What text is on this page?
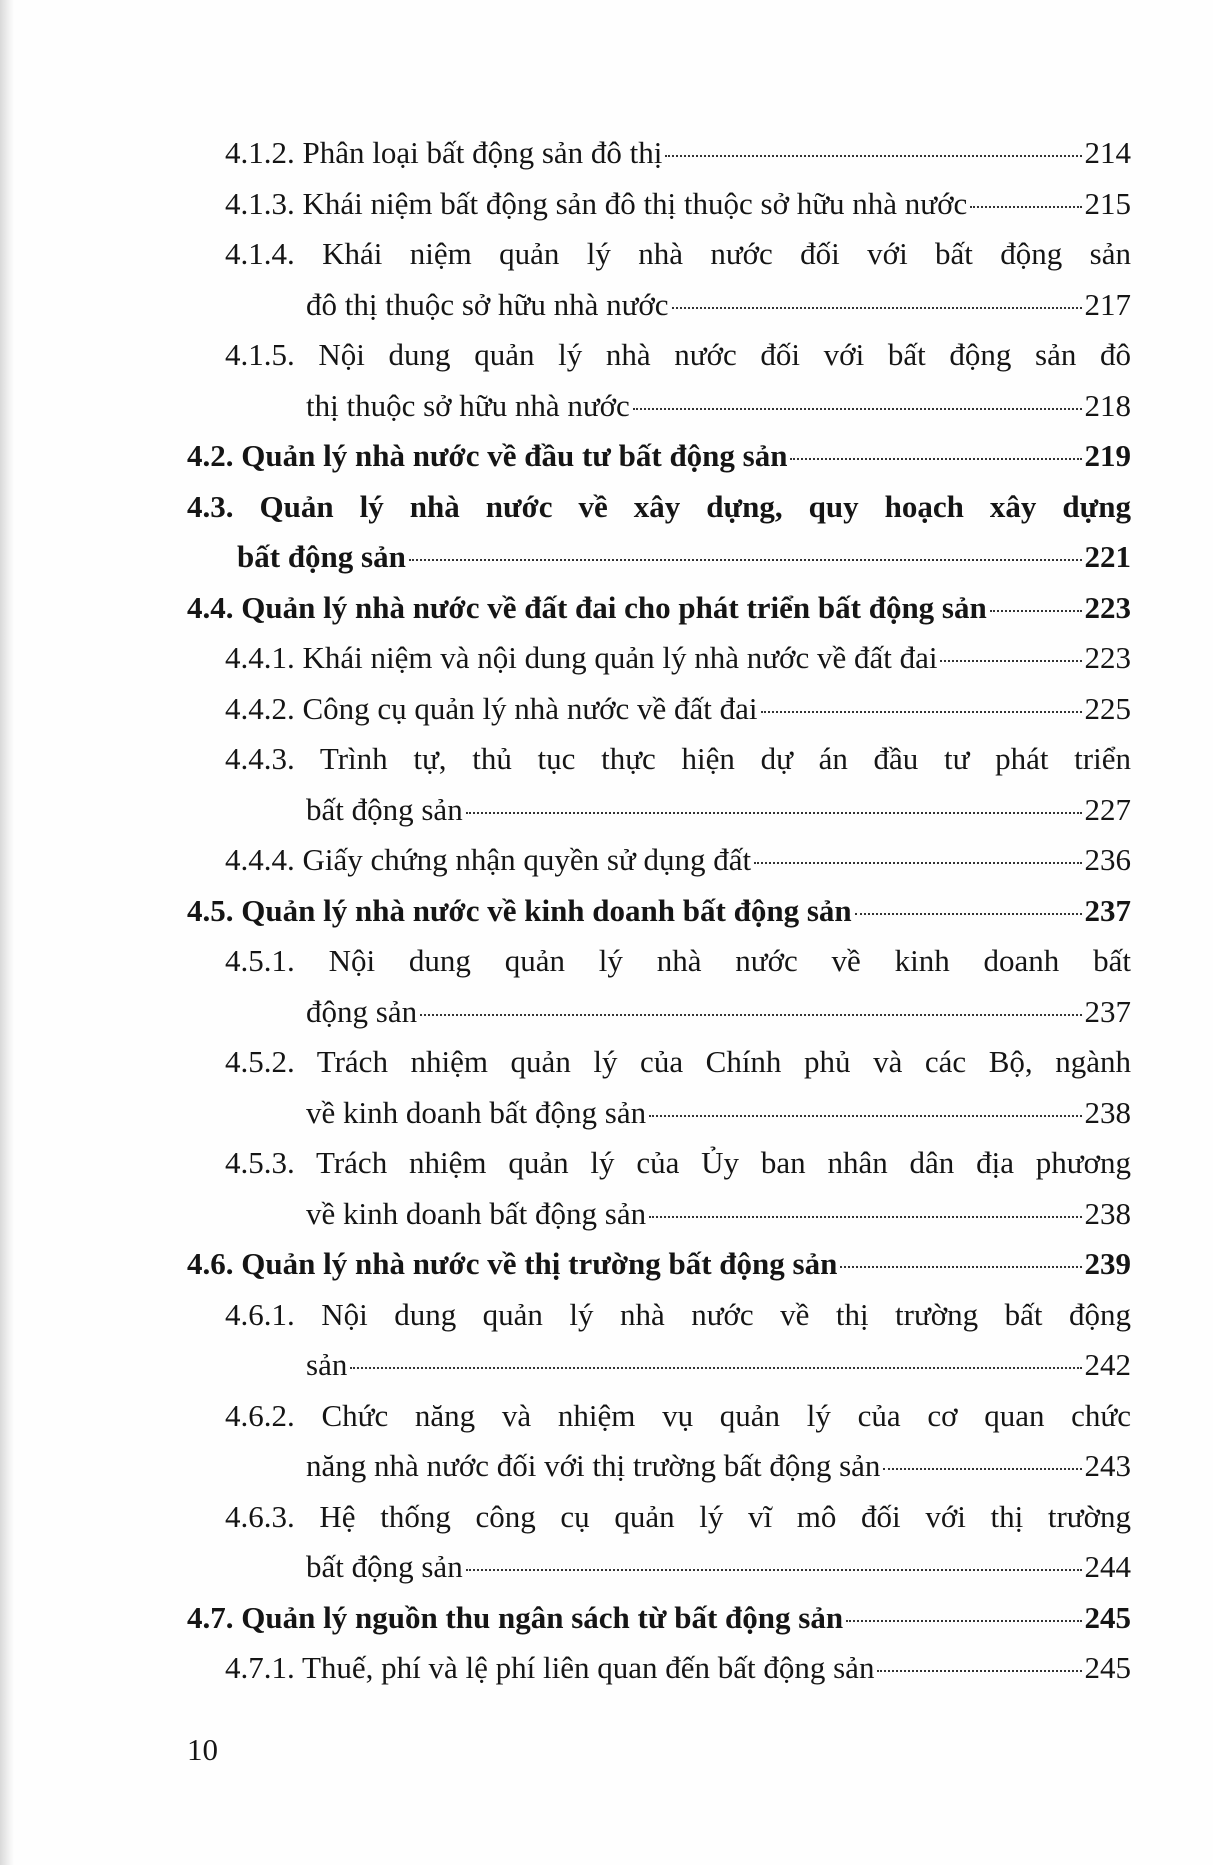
4.1.2. Phân loại bất động sản đô thị	214
4.1.3. Khái niệm bất động sản đô thị thuộc sở hữu nhà nước	215
4.1.4. Khái niệm quản lý nhà nước đối với bất động sản
đô thị thuộc sở hữu nhà nước	217
4.1.5. Nội dung quản lý nhà nước đối với bất động sản đô
thị thuộc sở hữu nhà nước	218
4.2. Quản lý nhà nước về đầu tư bất động sản	219
4.3. Quản lý nhà nước về xây dựng, quy hoạch xây dựng
bất động sản	221
4.4. Quản lý nhà nước về đất đai cho phát triển bất động sản	223
4.4.1. Khái niệm và nội dung quản lý nhà nước về đất đai	223
4.4.2. Công cụ quản lý nhà nước về đất đai	225
4.4.3. Trình tự, thủ tục thực hiện dự án đầu tư phát triển
bất động sản	227
4.4.4. Giấy chứng nhận quyền sử dụng đất	236
4.5. Quản lý nhà nước về kinh doanh bất động sản	237
4.5.1. Nội dung quản lý nhà nước về kinh doanh bất
động sản	237
4.5.2. Trách nhiệm quản lý của Chính phủ và các Bộ, ngành
về kinh doanh bất động sản	238
4.5.3. Trách nhiệm quản lý của Ủy ban nhân dân địa phương
về kinh doanh bất động sản	238
4.6. Quản lý nhà nước về thị trường bất động sản	239
4.6.1. Nội dung quản lý nhà nước về thị trường bất động
sản	242
4.6.2. Chức năng và nhiệm vụ quản lý của cơ quan chức
năng nhà nước đối với thị trường bất động sản	243
4.6.3. Hệ thống công cụ quản lý vĩ mô đối với thị trường
bất động sản	244
4.7. Quản lý nguồn thu ngân sách từ bất động sản	245
4.7.1. Thuế, phí và lệ phí liên quan đến bất động sản	245
10
